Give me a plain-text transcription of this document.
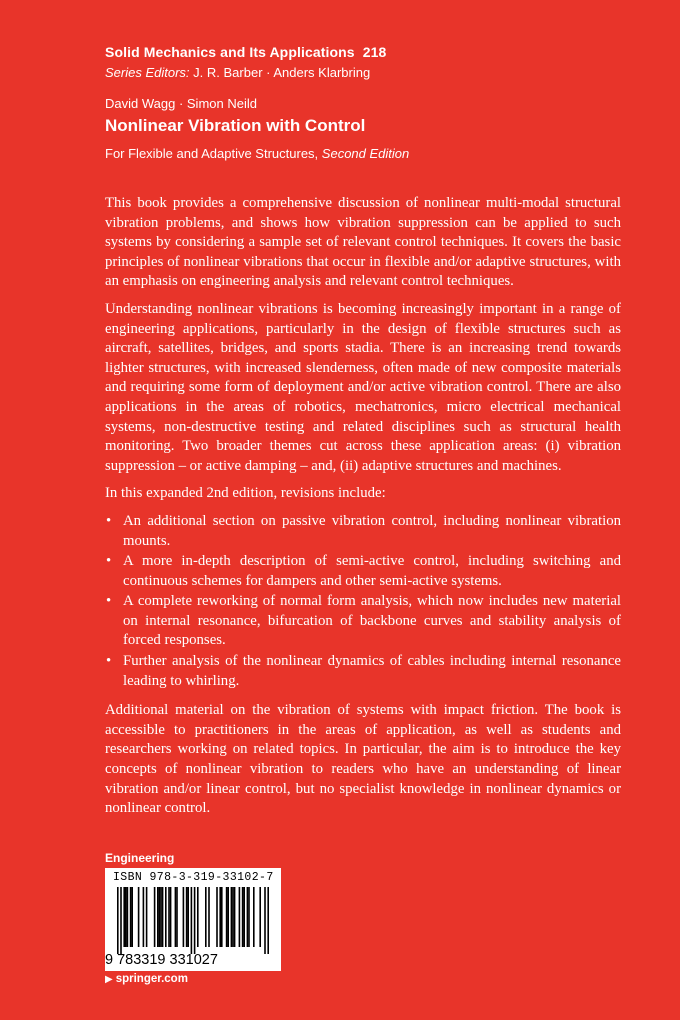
Solid Mechanics and Its Applications 218
Series Editors: J. R. Barber · Anders Klarbring
David Wagg · Simon Neild
Nonlinear Vibration with Control
For Flexible and Adaptive Structures, Second Edition

This book provides a comprehensive discussion of nonlinear multi-modal structural vibration problems, and shows how vibration suppression can be applied to such systems by considering a sample set of relevant control techniques. It covers the basic principles of nonlinear vibrations that occur in flexible and/or adaptive structures, with an emphasis on engineering analysis and relevant control techniques.

Understanding nonlinear vibrations is becoming increasingly important in a range of engineering applications, particularly in the design of flexible structures such as aircraft, satellites, bridges, and sports stadia. There is an increasing trend towards lighter structures, with increased slenderness, often made of new composite materials and requiring some form of deployment and/or active vibration control. There are also applications in the areas of robotics, mechatronics, micro electrical mechanical systems, non-destructive testing and related disciplines such as structural health monitoring. Two broader themes cut across these application areas: (i) vibration suppression – or active damping – and, (ii) adaptive structures and machines.

In this expanded 2nd edition, revisions include:

• An additional section on passive vibration control, including nonlinear vibration mounts.
• A more in-depth description of semi-active control, including switching and continuous schemes for dampers and other semi-active systems.
• A complete reworking of normal form analysis, which now includes new material on internal resonance, bifurcation of backbone curves and stability analysis of forced responses.
• Further analysis of the nonlinear dynamics of cables including internal resonance leading to whirling.

Additional material on the vibration of systems with impact friction. The book is accessible to practitioners in the areas of application, as well as students and researchers working on related topics. In particular, the aim is to introduce the key concepts of nonlinear vibration to readers who have an understanding of linear vibration and/or linear control, but no specialist knowledge in nonlinear dynamics or nonlinear control.

Engineering
ISBN 978-3-319-33102-7
9 783319 331027
▶ springer.com
